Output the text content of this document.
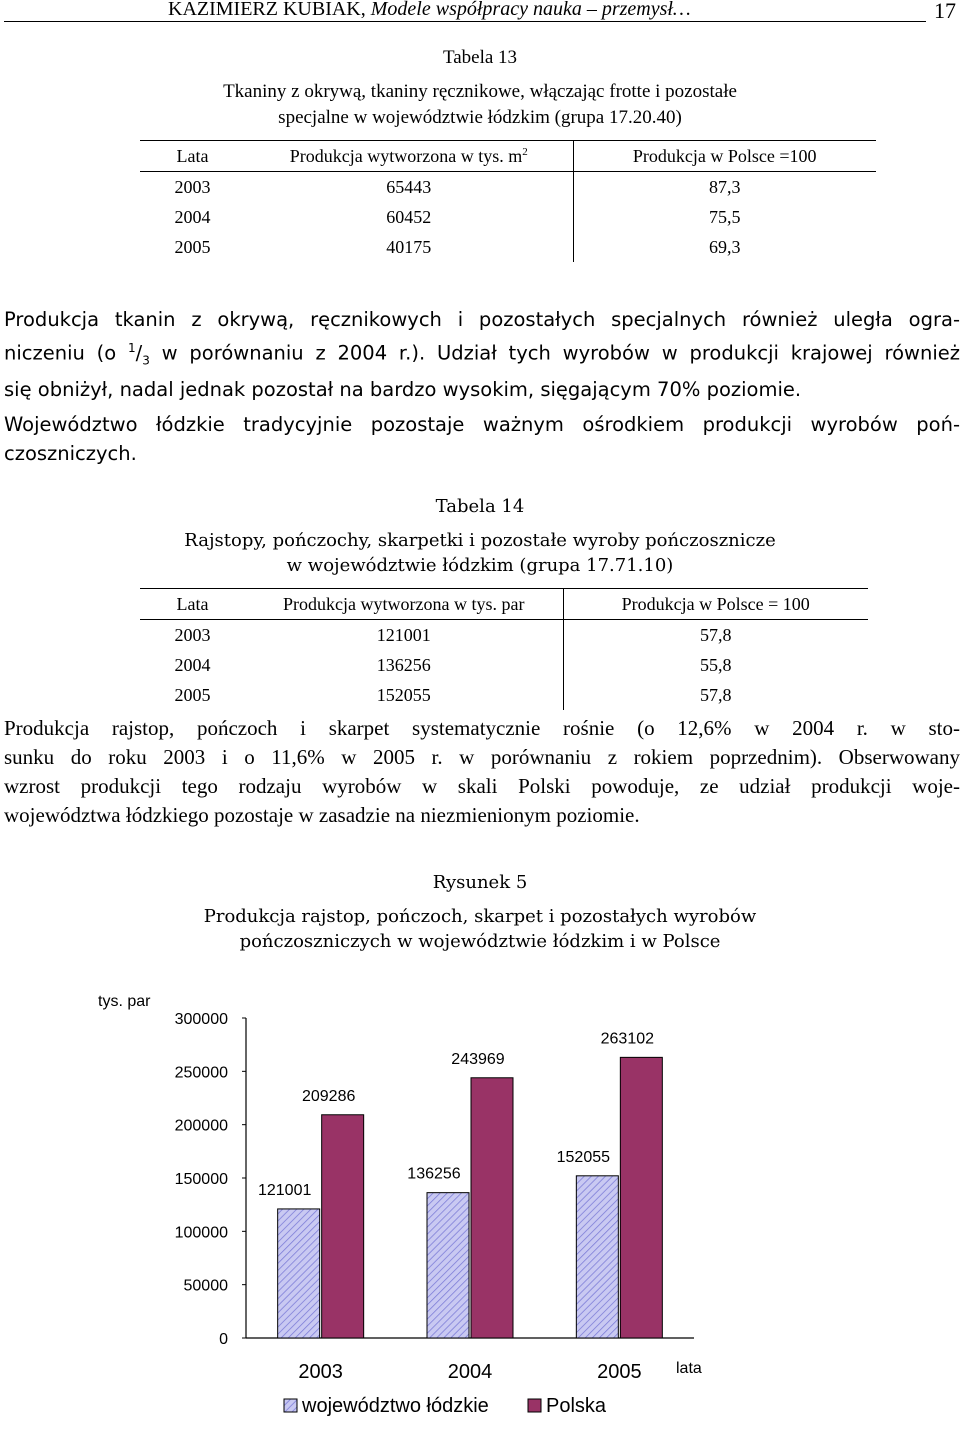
KAZIMIERZ KUBIAK, Modele współpracy nauka – przemysł…	17
Tabela 13
Tkaniny z okrywą, tkaniny ręcznikowe, włączając frotte i pozostałe
specjalne w województwie łódzkim (grupa 17.20.40)
Lata	Produkcja wytworzona w tys. $m^2$	Produkcja w Polsce =100
2003	65443	87,3
2004	60452	75,5
2005	40175	69,3
Produkcja tkanin z okrywą, ręcznikowych i pozostałych specjalnych również uległa ogra-
niczeniu (o $^1/_3$ w porównaniu z 2004 r.). Udział tych wyrobów w produkcji krajowej również
się obniżył, nadal jednak pozostał na bardzo wysokim, sięgającym 70% poziomie.
Województwo łódzkie tradycyjnie pozostaje ważnym ośrodkiem produkcji wyrobów poń-
czoszniczych.
Tabela 14
Rajstopy, pończochy, skarpetki i pozostałe wyroby pończosznicze
w województwie łódzkim (grupa 17.71.10)
Lata	Produkcja wytworzona w tys. par	Produkcja w Polsce = 100
2003	121001	57,8
2004	136256	55,8
2005	152055	57,8
Produkcja rajstop, pończoch i skarpet systematycznie rośnie (o 12,6% w 2004 r. w sto-
sunku do roku 2003 i o 11,6% w 2005 r. w porównaniu z rokiem poprzednim). Obserwowany
wzrost produkcji tego rodzaju wyrobów w skali Polski powoduje, ze udział produkcji woje-
województwa łódzkiego pozostaje w zasadzie na niezmienionym poziomie.
Rysunek 5
Produkcja rajstop, pończoch, skarpet i pozostałych wyrobów
pończoszniczych w województwie łódzkim i w Polsce
tys. par
0
50000
100000
150000
200000
250000
300000
2003
121001
209286
2004
136256
243969
2005
152055
263102
lata
województwo łódzkie	Polska
